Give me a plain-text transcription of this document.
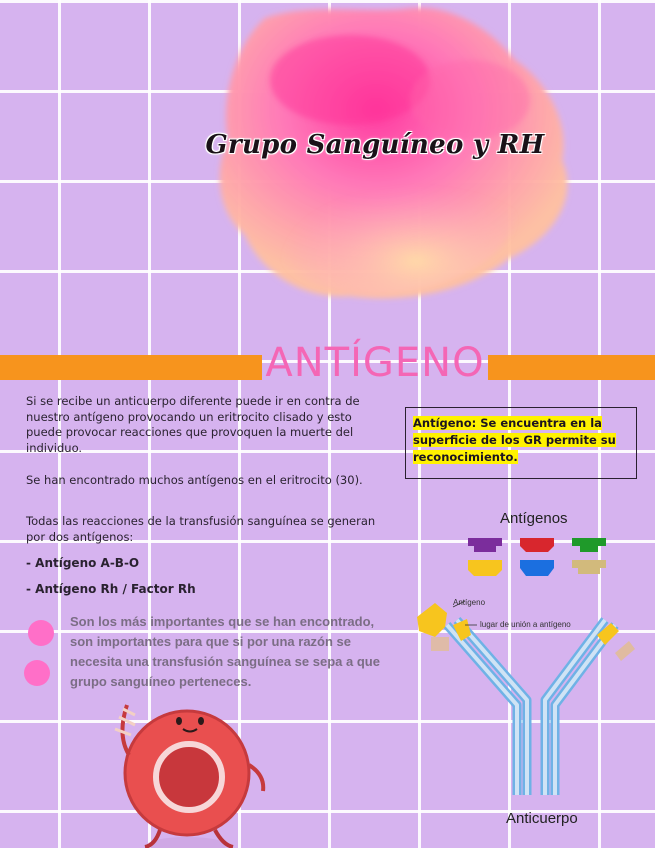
Grupo Sanguíneo y RH
ANTÍGENO
Si se recibe un anticuerpo diferente puede ir en contra de nuestro antígeno provocando un eritrocito clisado y esto puede provocar reacciones que provoquen la muerte del individuo.
Se han encontrado muchos antígenos en el eritrocito (30).
Todas las reacciones de la transfusión sanguínea se generan por dos antígenos:
- Antígeno A-B-O
- Antígeno Rh / Factor Rh
Antígeno: Se encuentra en la superficie de los GR permite su reconocimiento.
Son los más importantes que se han encontrado, son importantes para que si por una razón se necesita una transfusión sanguínea se sepa a que grupo sanguíneo perteneces.
Antígenos
Antígeno
lugar de unión a antígeno
Anticuerpo
